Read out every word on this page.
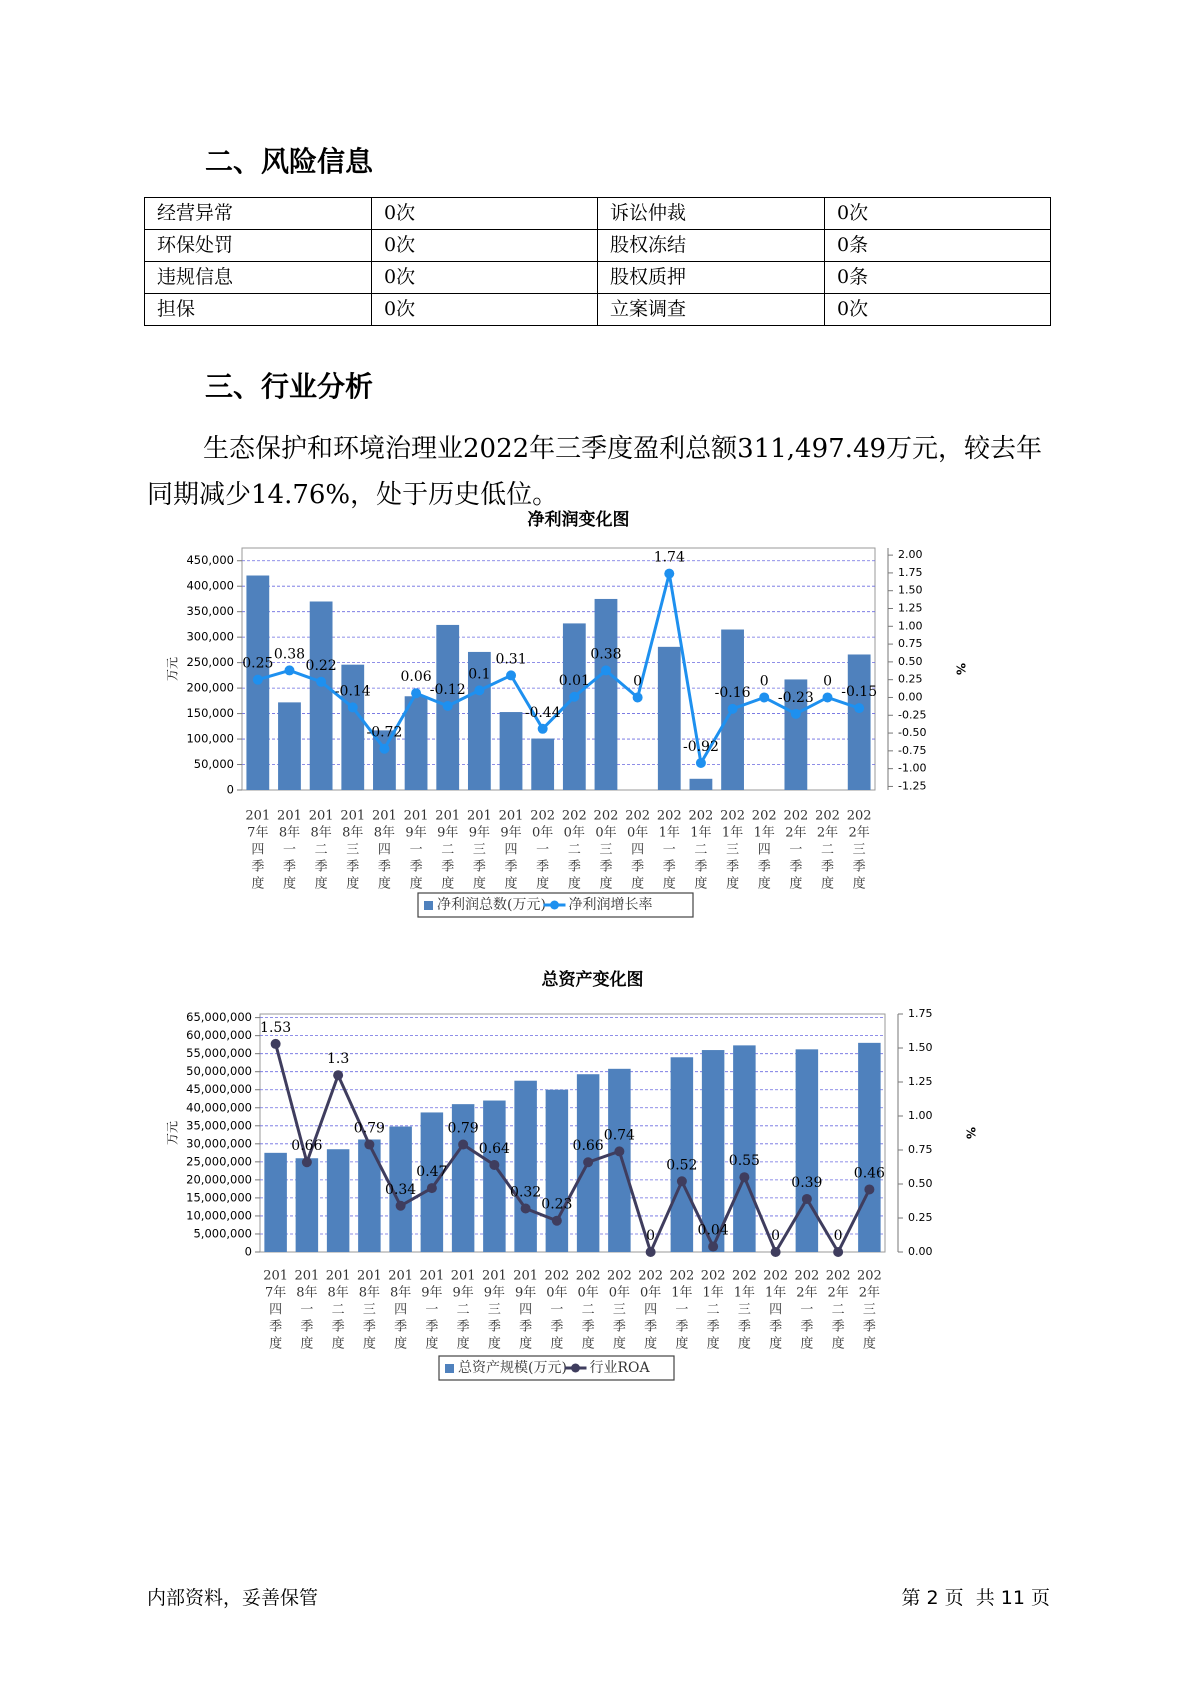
二、风险信息
经营异常	0次	诉讼仲裁	0次
环保处罚	0次	股权冻结	0条
违规信息	0次	股权质押	0条
担保	0次	立案调查	0次
三、行业分析

生态保护和环境治理业2022年三季度盈利总额311,497.49万元，较去年同期减少14.76%，处于历史低位。

净利润变化图
0
50,000
100,000
150,000
200,000
250,000
300,000
350,000
400,000
450,000
-1.25
-1.00
-0.75
-0.50
-0.25
0.00
0.25
0.50
0.75
1.00
1.25
1.50
1.75
2.00
万元	%
0.25
0.38
0.22
-0.14
-0.72
0.06
-0.12
0.1
0.31
-0.44
0.01
0.38
0
1.74
-0.92
-0.16
0
-0.23
0
-0.15
201
7年
四
季
度
201
8年
一
季
度
201
8年
二
季
度
201
8年
三
季
度
201
8年
四
季
度
201
9年
一
季
度
201
9年
二
季
度
201
9年
三
季
度
201
9年
四
季
度
202
0年
一
季
度
202
0年
二
季
度
202
0年
三
季
度
202
0年
四
季
度
202
1年
一
季
度
202
1年
二
季
度
202
1年
三
季
度
202
1年
四
季
度
202
2年
一
季
度
202
2年
二
季
度
202
2年
三
季
度
净利润总数(万元) 净利润增长率
总资产变化图
0
5,000,000
10,000,000
15,000,000
20,000,000
25,000,000
30,000,000
35,000,000
40,000,000
45,000,000
50,000,000
55,000,000
60,000,000
65,000,000
0.00
0.25
0.50
0.75
1.00
1.25
1.50
1.75
万元	%
1.53
0.66
1.3
0.79
0.34
0.47
0.79
0.64
0.32
0.23
0.66
0.74
0
0.52
0.04
0.55
0
0.39
0
0.46
201
7年
四
季
度
201
8年
一
季
度
201
8年
二
季
度
201
8年
三
季
度
201
8年
四
季
度
201
9年
一
季
度
201
9年
二
季
度
201
9年
三
季
度
201
9年
四
季
度
202
0年
一
季
度
202
0年
二
季
度
202
0年
三
季
度
202
0年
四
季
度
202
1年
一
季
度
202
1年
二
季
度
202
1年
三
季
度
202
1年
四
季
度
202
2年
一
季
度
202
2年
二
季
度
202
2年
三
季
度
总资产规模(万元) 行业ROA
内部资料，妥善保管	第 2 页  共 11 页
